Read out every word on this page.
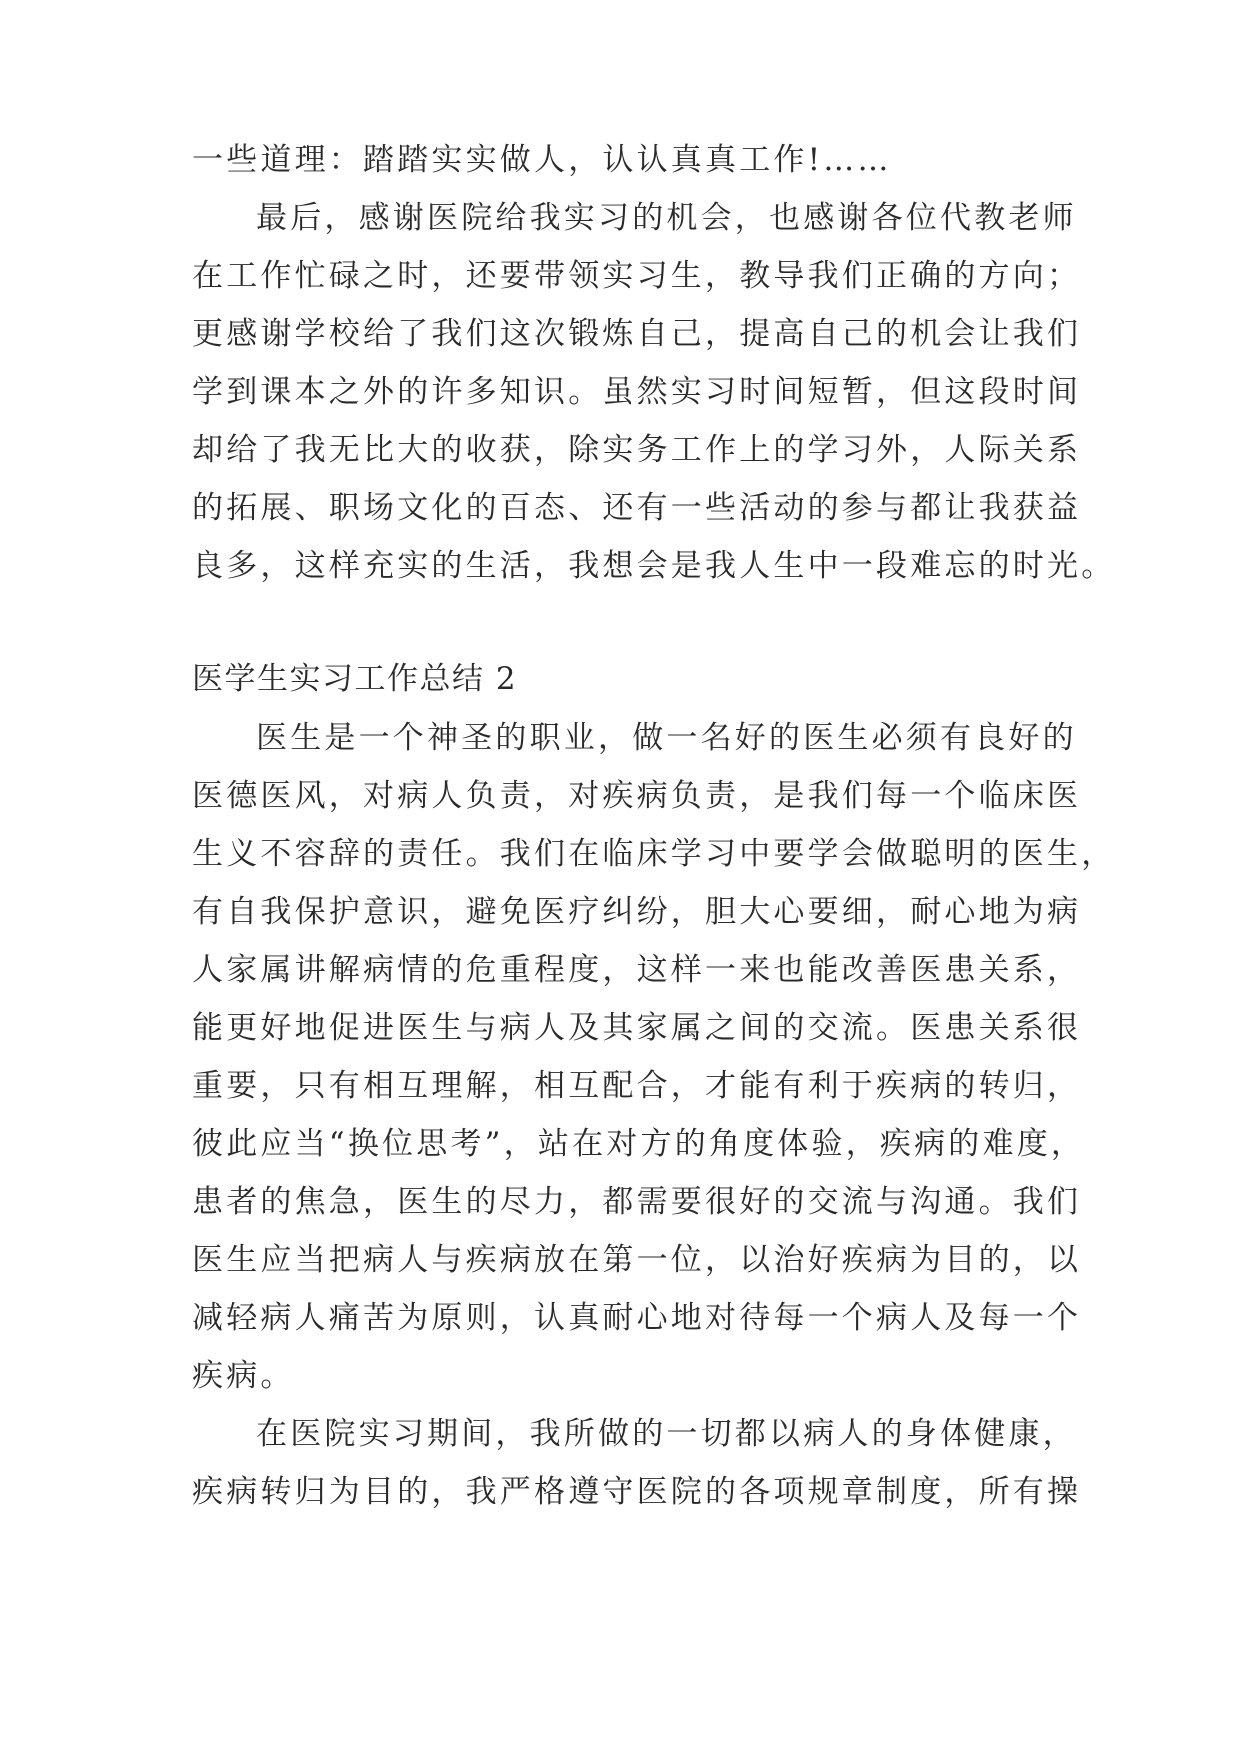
一些道理：踏踏实实做人，认认真真工作!……
最后，感谢医院给我实习的机会，也感谢各位代教老师
在工作忙碌之时，还要带领实习生，教导我们正确的方向；
更感谢学校给了我们这次锻炼自己，提高自己的机会让我们
学到课本之外的许多知识。虽然实习时间短暂，但这段时间
却给了我无比大的收获，除实务工作上的学习外，人际关系
的拓展、职场文化的百态、还有一些活动的参与都让我获益
良多，这样充实的生活，我想会是我人生中一段难忘的时光。
医学生实习工作总结 2
医生是一个神圣的职业，做一名好的医生必须有良好的
医德医风，对病人负责，对疾病负责，是我们每一个临床医
生义不容辞的责任。我们在临床学习中要学会做聪明的医生，
有自我保护意识，避免医疗纠纷，胆大心要细，耐心地为病
人家属讲解病情的危重程度，这样一来也能改善医患关系，
能更好地促进医生与病人及其家属之间的交流。医患关系很
重要，只有相互理解，相互配合，才能有利于疾病的转归，
彼此应当“换位思考”，站在对方的角度体验，疾病的难度，
患者的焦急，医生的尽力，都需要很好的交流与沟通。我们
医生应当把病人与疾病放在第一位，以治好疾病为目的，以
减轻病人痛苦为原则，认真耐心地对待每一个病人及每一个
疾病。
在医院实习期间，我所做的一切都以病人的身体健康，
疾病转归为目的，我严格遵守医院的各项规章制度，所有操
